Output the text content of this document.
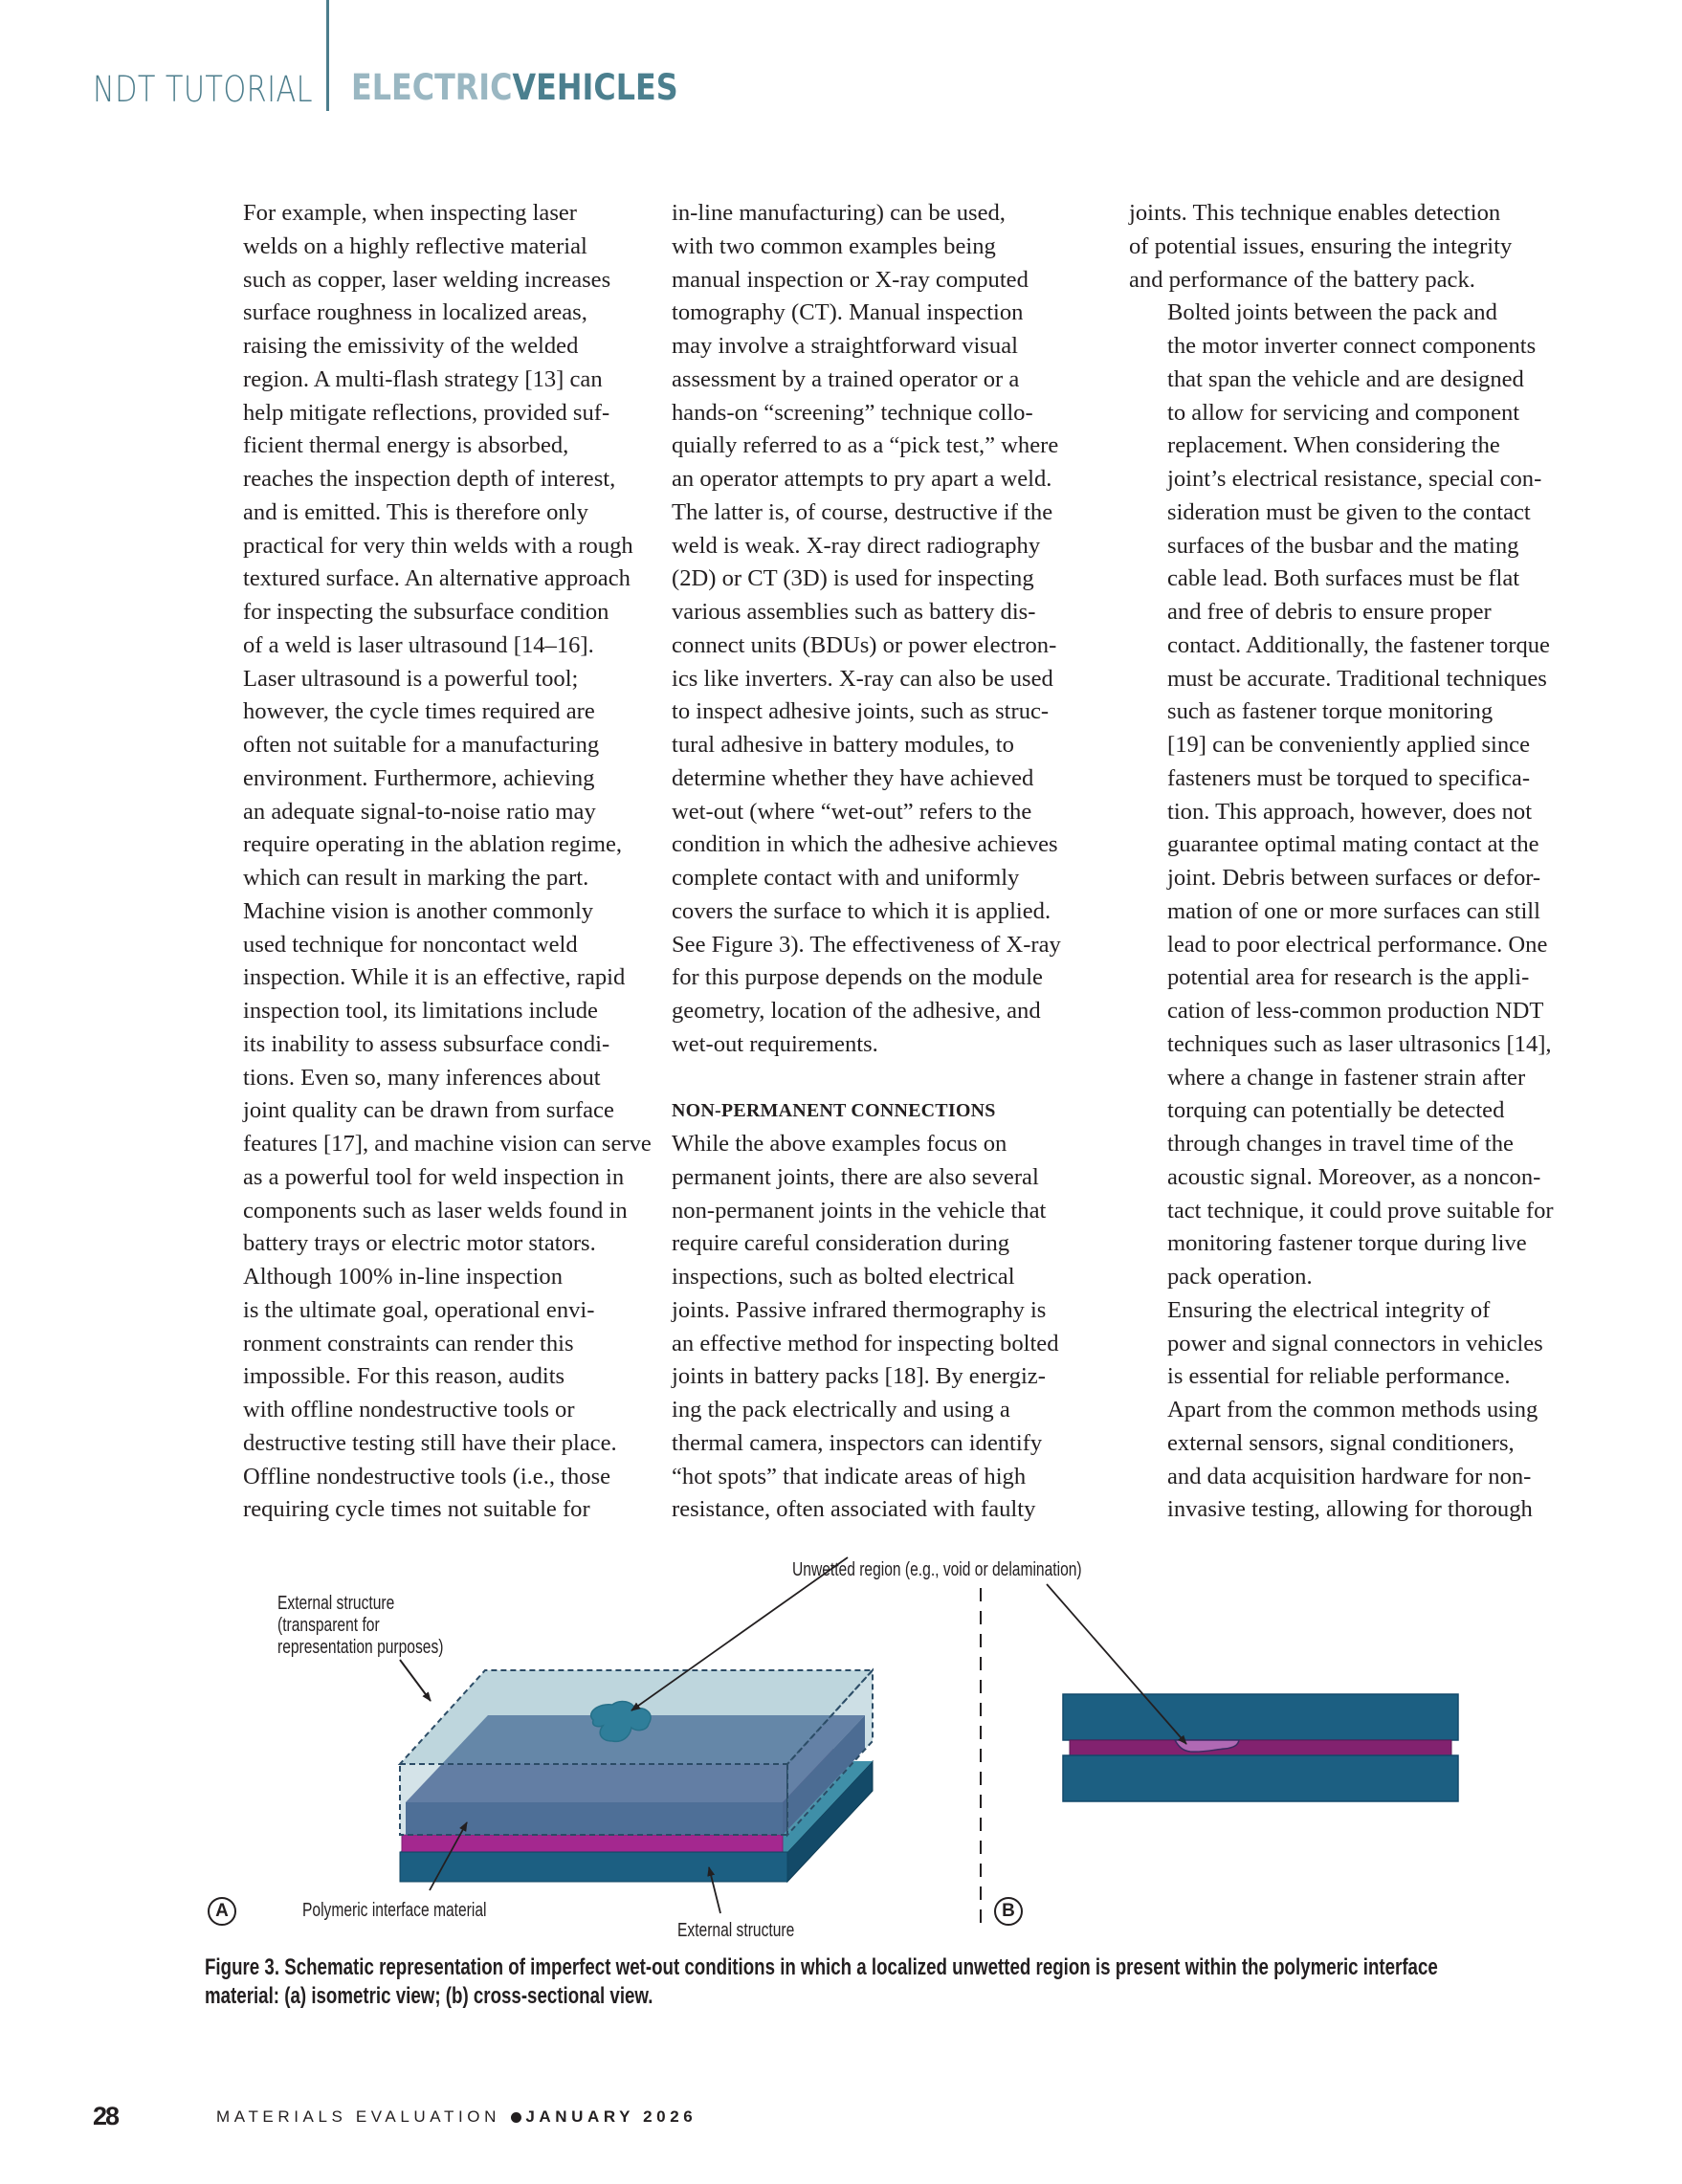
NDT TUTORIAL ELECTRICVEHICLES

For example, when inspecting laser
welds on a highly reflective material
such as copper, laser welding increases
surface roughness in localized areas,
raising the emissivity of the welded
region. A multi-flash strategy [13] can
help mitigate reflections, provided suf-
ficient thermal energy is absorbed,
reaches the inspection depth of interest,
and is emitted. This is therefore only
practical for very thin welds with a rough
textured surface. An alternative approach
for inspecting the subsurface condition
of a weld is laser ultrasound [14–16].
Laser ultrasound is a powerful tool;
however, the cycle times required are
often not suitable for a manufacturing
environment. Furthermore, achieving
an adequate signal-to-noise ratio may
require operating in the ablation regime,
which can result in marking the part.

Machine vision is another commonly
used technique for noncontact weld
inspection. While it is an effective, rapid
inspection tool, its limitations include
its inability to assess subsurface condi-
tions. Even so, many inferences about
joint quality can be drawn from surface
features [17], and machine vision can serve
as a powerful tool for weld inspection in
components such as laser welds found in
battery trays or electric motor stators.

Although 100% in-line inspection
is the ultimate goal, operational envi-
ronment constraints can render this
impossible. For this reason, audits
with offline nondestructive tools or
destructive testing still have their place.
Offline nondestructive tools (i.e., those
requiring cycle times not suitable for

in-line manufacturing) can be used,
with two common examples being
manual inspection or X-ray computed
tomography (CT). Manual inspection
may involve a straightforward visual
assessment by a trained operator or a
hands-on “screening” technique collo-
quially referred to as a “pick test,” where
an operator attempts to pry apart a weld.
The latter is, of course, destructive if the
weld is weak. X-ray direct radiography
(2D) or CT (3D) is used for inspecting
various assemblies such as battery dis-
connect units (BDUs) or power electron-
ics like inverters. X-ray can also be used
to inspect adhesive joints, such as struc-
tural adhesive in battery modules, to
determine whether they have achieved
wet-out (where “wet-out” refers to the
condition in which the adhesive achieves
complete contact with and uniformly
covers the surface to which it is applied.
See Figure 3). The effectiveness of X-ray
for this purpose depends on the module
geometry, location of the adhesive, and
wet-out requirements.

NON-PERMANENT CONNECTIONS

While the above examples focus on
permanent joints, there are also several
non-permanent joints in the vehicle that
require careful consideration during
inspections, such as bolted electrical
joints. Passive infrared thermography is
an effective method for inspecting bolted
joints in battery packs [18]. By energiz-
ing the pack electrically and using a
thermal camera, inspectors can identify
“hot spots” that indicate areas of high
resistance, often associated with faulty

joints. This technique enables detection
of potential issues, ensuring the integrity
and performance of the battery pack.

Bolted joints between the pack and
the motor inverter connect components
that span the vehicle and are designed
to allow for servicing and component
replacement. When considering the
joint’s electrical resistance, special con-
sideration must be given to the contact
surfaces of the busbar and the mating
cable lead. Both surfaces must be flat
and free of debris to ensure proper
contact. Additionally, the fastener torque
must be accurate. Traditional techniques
such as fastener torque monitoring
[19] can be conveniently applied since
fasteners must be torqued to specifica-
tion. This approach, however, does not
guarantee optimal mating contact at the
joint. Debris between surfaces or defor-
mation of one or more surfaces can still
lead to poor electrical performance. One
potential area for research is the appli-
cation of less-common production NDT
techniques such as laser ultrasonics [14],
where a change in fastener strain after
torquing can potentially be detected
through changes in travel time of the
acoustic signal. Moreover, as a noncon-
tact technique, it could prove suitable for
monitoring fastener torque during live
pack operation.

Ensuring the electrical integrity of
power and signal connectors in vehicles
is essential for reliable performance.
Apart from the common methods using
external sensors, signal conditioners,
and data acquisition hardware for non-
invasive testing, allowing for thorough

External structure
(transparent for
representation purposes)
Unwetted region (e.g., void or delamination)
Polymeric interface material
External structure
A	B
Figure 3. Schematic representation of imperfect wet-out conditions in which a localized unwetted region is present within the polymeric interface
material: (a) isometric view; (b) cross-sectional view.
28	MATERIALS EVALUATION JANUARY 2026
